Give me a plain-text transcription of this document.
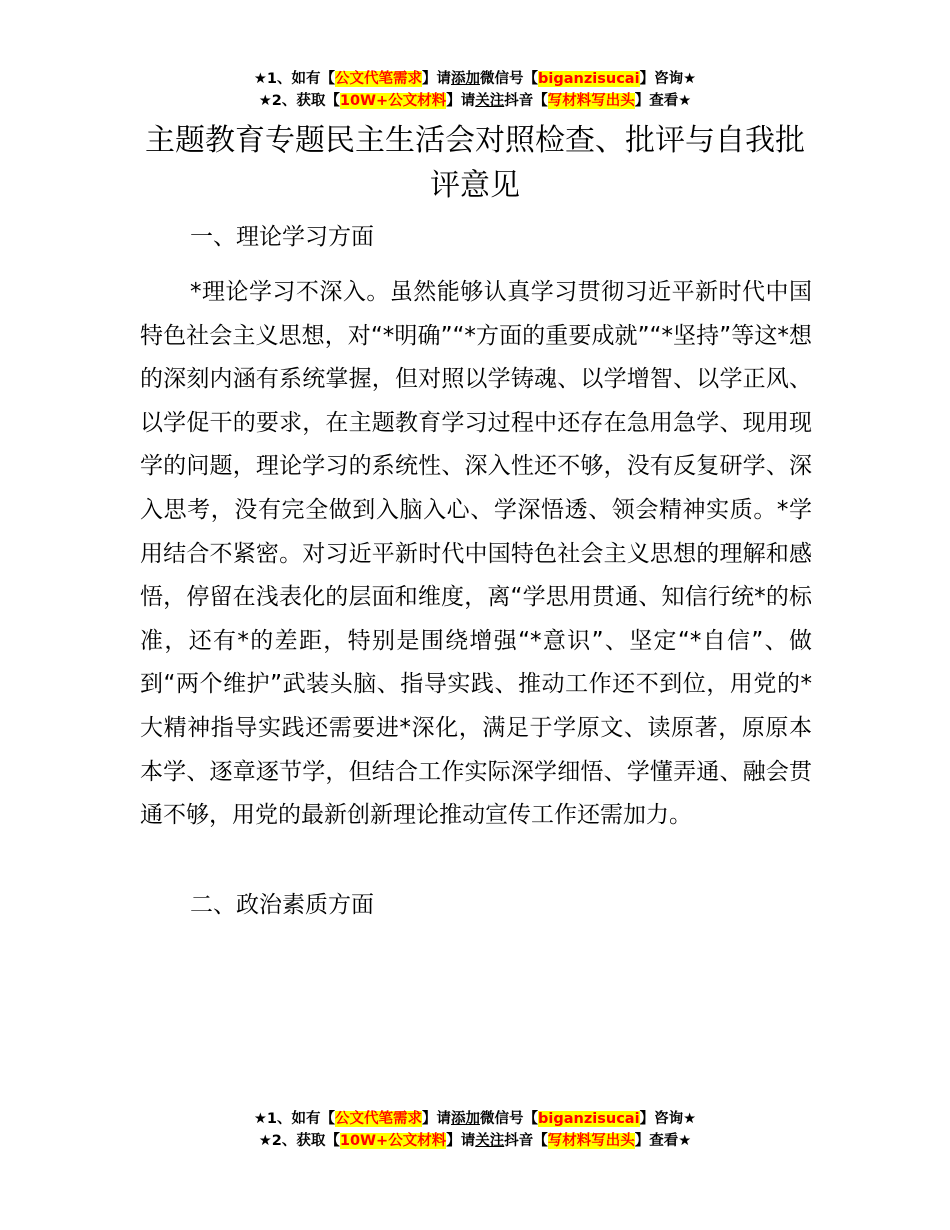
★1、如有【公文代笔需求】请添加微信号【biganzisucai】咨询★
★2、获取【10W+公文材料】请关注抖音【写材料写出头】查看★
主题教育专题民主生活会对照检查、批评与自我批评意见
一、理论学习方面

*理论学习不深入。虽然能够认真学习贯彻习近平新时代中国特色社会主义思想，对“*明确”“*方面的重要成就”“*坚持”等这*想的深刻内涵有系统掌握，但对照以学铸魂、以学增智、以学正风、以学促干的要求，在主题教育学习过程中还存在急用急学、现用现学的问题，理论学习的系统性、深入性还不够，没有反复研学、深入思考，没有完全做到入脑入心、学深悟透、领会精神实质。*学用结合不紧密。对习近平新时代中国特色社会主义思想的理解和感悟，停留在浅表化的层面和维度，离“学思用贯通、知信行统*的标准，还有*的差距，特别是围绕增强“*意识”、坚定“*自信”、做到“两个维护”武装头脑、指导实践、推动工作还不到位，用党的*大精神指导实践还需要进*深化，满足于学原文、读原著，原原本本学、逐章逐节学，但结合工作实际深学细悟、学懂弄通、融会贯通不够，用党的最新创新理论推动宣传工作还需加力。

二、政治素质方面
★1、如有【公文代笔需求】请添加微信号【biganzisucai】咨询★
★2、获取【10W+公文材料】请关注抖音【写材料写出头】查看★
